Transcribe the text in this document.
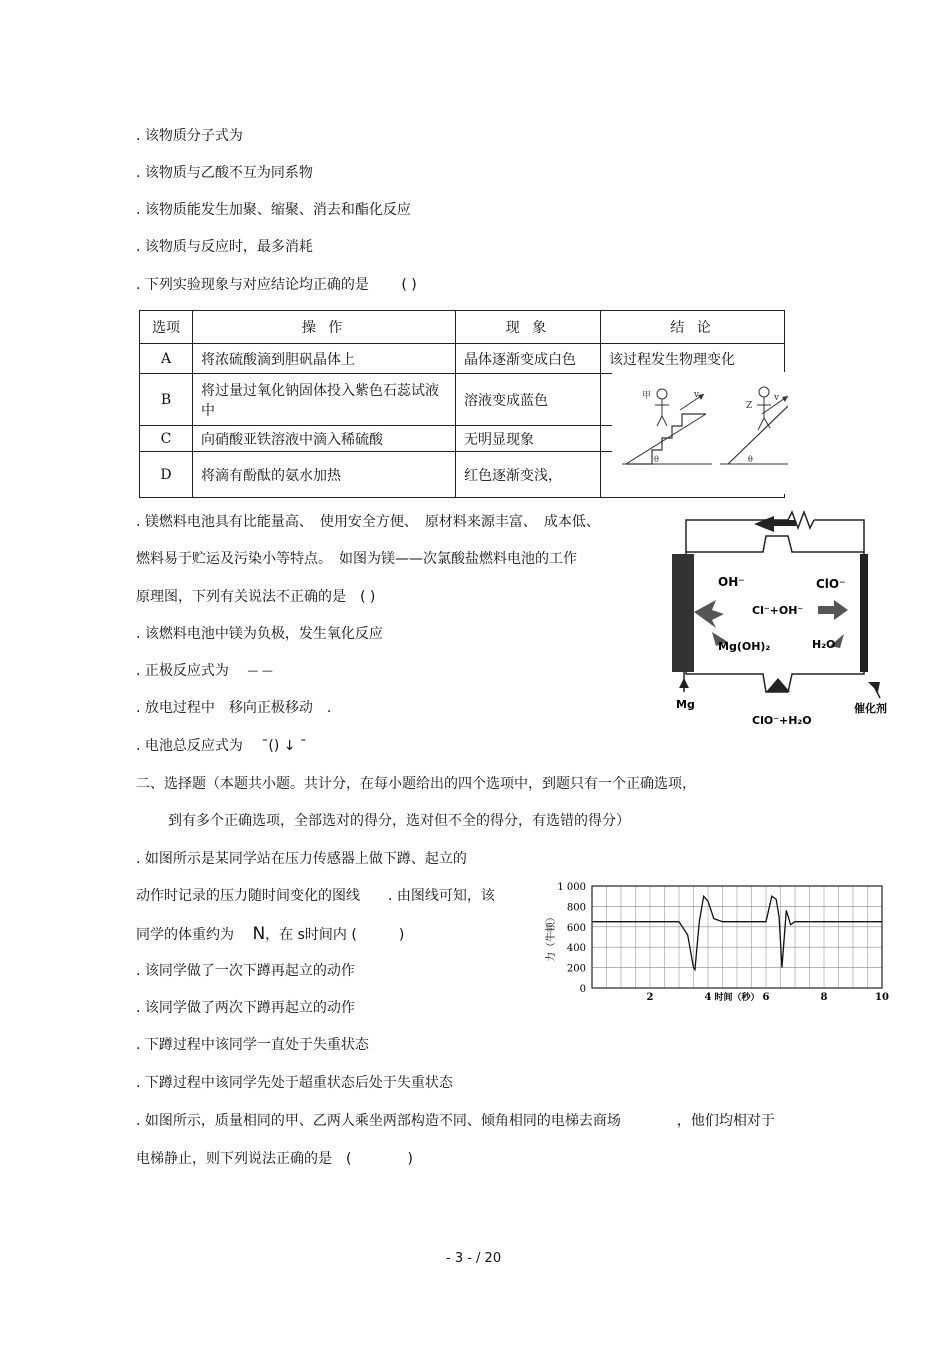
. 该物质分子式为
. 该物质与乙酸不互为同系物
. 该物质能发生加聚、缩聚、消去和酯化反应
. 该物质与反应时，最多消耗
. 下列实验现象与对应结论均正确的是 ( )
选项	操 作	现 象	结 论
A	将浓硫酸滴到胆矾晶体上	晶体逐渐变成白色	该过程发生物理变化
B	将过量过氧化钠固体投入紫色石蕊试液中	溶液变成蓝色	
C	向硝酸亚铁溶液中滴入稀硫酸	无明显现象	
D	将滴有酚酞的氨水加热	红色逐渐变浅，	
v
甲
θ
v
Z
θ
. 镁燃料电池具有比能量高、　使用安全方便、　原材料来源丰富、　成本低、
燃料易于贮运及污染小等特点。　如图为镁——次氯酸盐燃料电池的工作
原理图，下列有关说法不正确的是　( )
. 该燃料电池中镁为负极，发生氧化反应
. 正极反应式为 — —
. 放电过程中　移向正极移动　.
. 电池总反应式为 ¯() ↓ ¯
OH⁻	ClO⁻
Cl⁻+OH⁻
Mg(OH)₂	H₂O
Mg
ClO⁻+H₂O
催化剂
二、选择题（本题共小题。共计分，在每小题给出的四个选项中，到题只有一个正确选项，
到有多个正确选项，全部选对的得分，选对但不全的得分，有选错的得分）
. 如图所示是某同学站在压力传感器上做下蹲、起立的
动作时记录的压力随时间变化的图线　　. 由图线可知，该
同学的体重约为 N，在 s时间内 (　　　)
. 该同学做了一次下蹲再起立的动作
. 该同学做了两次下蹲再起立的动作
. 下蹲过程中该同学一直处于失重状态
. 下蹲过程中该同学先处于超重状态后处于失重状态
0
200
400
600
800
1 000
2	4	6	8	10
时间（秒）
力（牛顿）
. 如图所示，质量相同的甲、乙两人乘坐两部构造不同、倾角相同的电梯去商场　　　　，他们均相对于
电梯静止，则下列说法正确的是　(　　　　)
- 3 - / 20
